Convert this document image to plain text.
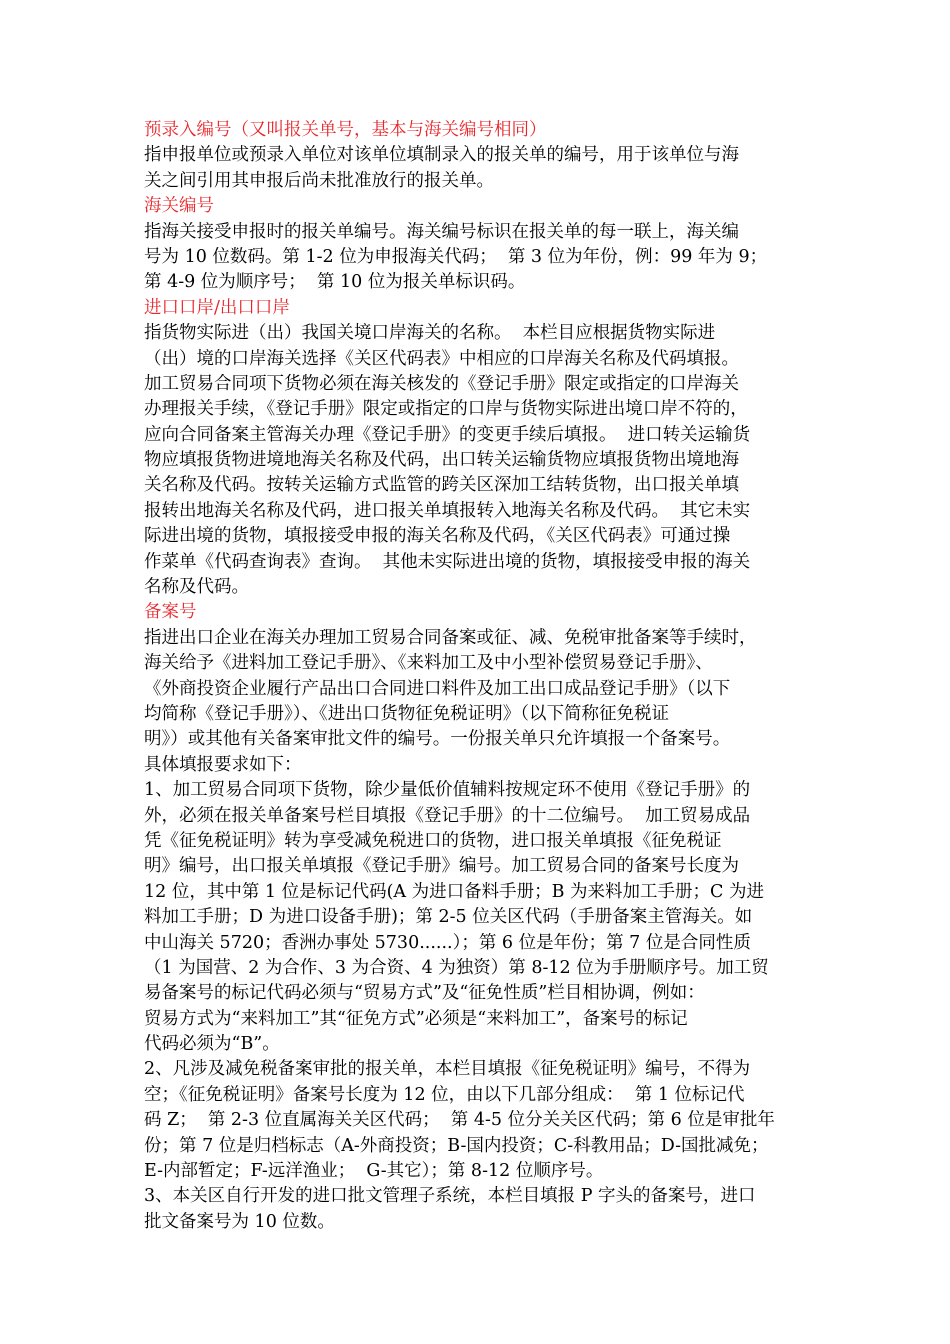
预录入编号（又叫报关单号，基本与海关编号相同）
指申报单位或预录入单位对该单位填制录入的报关单的编号，用于该单位与海
关之间引用其申报后尚未批准放行的报关单。
海关编号
指海关接受申报时的报关单编号。海关编号标识在报关单的每一联上，海关编
号为 10 位数码。第 1-2 位为申报海关代码；  第 3 位为年份，例：99 年为 9；
第 4-9 位为顺序号；  第 10 位为报关单标识码。
进口口岸/出口口岸
指货物实际进（出）我国关境口岸海关的名称。  本栏目应根据货物实际进
（出）境的口岸海关选择《关区代码表》中相应的口岸海关名称及代码填报。
加工贸易合同项下货物必须在海关核发的《登记手册》限定或指定的口岸海关
办理报关手续，《登记手册》限定或指定的口岸与货物实际进出境口岸不符的，
应向合同备案主管海关办理《登记手册》的变更手续后填报。  进口转关运输货
物应填报货物进境地海关名称及代码，出口转关运输货物应填报货物出境地海
关名称及代码。按转关运输方式监管的跨关区深加工结转货物，出口报关单填
报转出地海关名称及代码，进口报关单填报转入地海关名称及代码。  其它未实
际进出境的货物，填报接受申报的海关名称及代码，《关区代码表》可通过操
作菜单《代码查询表》查询。  其他未实际进出境的货物，填报接受申报的海关
名称及代码。
备案号
指进出口企业在海关办理加工贸易合同备案或征、减、免税审批备案等手续时，
海关给予《进料加工登记手册》、《来料加工及中小型补偿贸易登记手册》、
《外商投资企业履行产品出口合同进口料件及加工出口成品登记手册》（以下
均简称《登记手册》）、《进出口货物征免税证明》（以下简称征免税证
明》）或其他有关备案审批文件的编号。一份报关单只允许填报一个备案号。
具体填报要求如下：
1、加工贸易合同项下货物，除少量低价值辅料按规定环不使用《登记手册》的
外，必须在报关单备案号栏目填报《登记手册》的十二位编号。  加工贸易成品
凭《征免税证明》转为享受减免税进口的货物，进口报关单填报《征免税证
明》编号，出口报关单填报《登记手册》编号。加工贸易合同的备案号长度为
12 位，其中第 1 位是标记代码(A 为进口备料手册；B 为来料加工手册；C 为进
料加工手册；D 为进口设备手册)；第 2-5 位关区代码（手册备案主管海关。如
中山海关 5720；香洲办事处 5730......）；第 6 位是年份；第 7 位是合同性质
（1 为国营、2 为合作、3 为合资、4 为独资）第 8-12 位为手册顺序号。加工贸
易备案号的标记代码必须与“贸易方式”及“征免性质”栏目相协调，例如：
贸易方式为“来料加工”其“征免方式”必须是“来料加工”，备案号的标记
代码必须为“B”。
2、凡涉及减免税备案审批的报关单，本栏目填报《征免税证明》编号，不得为
空；《征免税证明》备案号长度为 12 位，由以下几部分组成：  第 1 位标记代
码 Z；  第 2-3 位直属海关关区代码；  第 4-5 位分关关区代码；第 6 位是审批年
份；第 7 位是归档标志（A-外商投资；B-国内投资；C-科教用品；D-国批减免；
E-内部暂定；F-远洋渔业；  G-其它）；第 8-12 位顺序号。
3、本关区自行开发的进口批文管理子系统，本栏目填报 P 字头的备案号，进口
批文备案号为 10 位数。
